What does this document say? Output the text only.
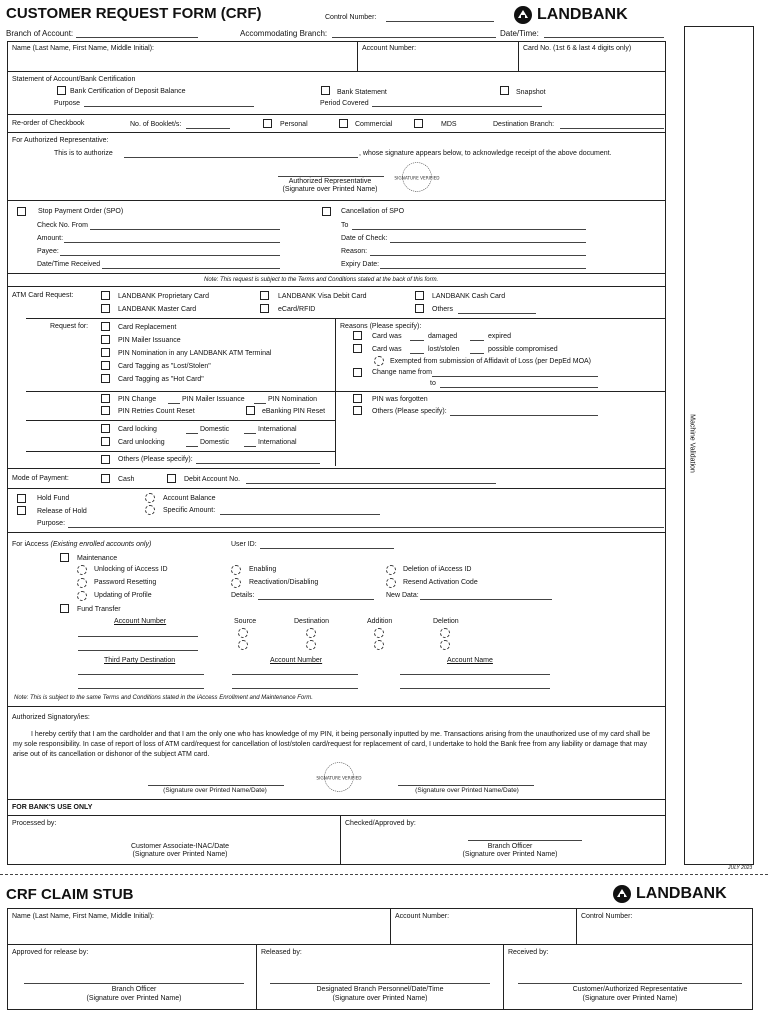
CUSTOMER REQUEST FORM (CRF)	Control Number:	LANDBANK
Branch of Account:	Accommodating Branch:	Date/Time:
Name (Last Name, First Name, Middle Initial):	Account Number:	Card No. (1st 6 & last 4 digits only)
Statement of Account/Bank Certification
Bank Certification of Deposit Balance	Bank Statement	Snapshot
Purpose	Period Covered
Re-order of Checkbook	No. of Booklet/s:	Personal	Commercial	MDS	Destination Branch:
For Authorized Representative:
This is to authorize	, whose signature appears below, to acknowledge receipt of the above document.
Authorized Representative
(Signature over Printed Name)
SIGNATURE VERIFIED
Stop Payment Order (SPO)	Cancellation of SPO
Check No. From	To
Amount:	Date of Check:
Payee:	Reason:
Date/Time Received	Expiry Date:
Note: This request is subject to the Terms and Conditions stated at the back of this form.
ATM Card Request:	LANDBANK Proprietary Card	LANDBANK Visa Debit Card	LANDBANK Cash Card
LANDBANK Master Card	eCard/RFID	Others
Request for:	Reasons (Please specify):
Card Replacement
PIN Mailer Issuance
PIN Nomination in any LANDBANK ATM Terminal
Card Tagging as "Lost/Stolen"
Card Tagging as "Hot Card"
Card was	damaged	expired
Card was	lost/stolen	possible compromised
Exempted from submission of Affidavit of Loss (per DepEd MOA)
Change name from
to
PIN Change	PIN Mailer Issuance	PIN Nomination
PIN Retries Count Reset	eBanking PIN Reset
PIN was forgotten
Others (Please specify):
Card locking	Domestic	International
Card unlocking	Domestic	International
Others (Please specify):
Mode of Payment:	Cash	Debit Account No.
Hold Fund	Account Balance
Release of Hold	Specific Amount:
Purpose:
For iAccess (Existing enrolled accounts only)	User ID:
Maintenance
Unlocking of iAccess ID	Enabling	Deletion of iAccess ID
Password Resetting	Reactivation/Disabling	Resend Activation Code
Updating of Profile	Details:	New Data:
Fund Transfer
Account Number	Source	Destination	Addition	Deletion
Third Party Destination	Account Number	Account Name
Note: This is subject to the same Terms and Conditions stated in the iAccess Enrollment and Maintenance Form.
Authorized Signatory/ies:
I hereby certify that I am the cardholder and that I am the only one who has knowledge of my PIN, it being personally inputted by me. Transactions arising from the unauthorized use of my card shall be my sole responsibility. In case of report of loss of ATM card/request for cancellation of lost/stolen card/request for replacement of card, I undertake to hold the Bank free from any liability or damage that may arise out of its cancellation or dishonor of the subject ATM card.
(Signature over Printed Name/Date)
SIGNATURE VERIFIED
(Signature over Printed Name/Date)
FOR BANK'S USE ONLY
Processed by:	Checked/Approved by:
Customer Associate-INAC/Date
(Signature over Printed Name)
Branch Officer
(Signature over Printed Name)
Machine Validation
JULY 2023
CRF CLAIM STUB	LANDBANK
Name (Last Name, First Name, Middle Initial):	Account Number:	Control Number:
Approved for release by:	Released by:	Received by:
Branch Officer
(Signature over Printed Name)
Designated Branch Personnel/Date/Time
(Signature over Printed Name)
Customer/Authorized Representative
(Signature over Printed Name)
